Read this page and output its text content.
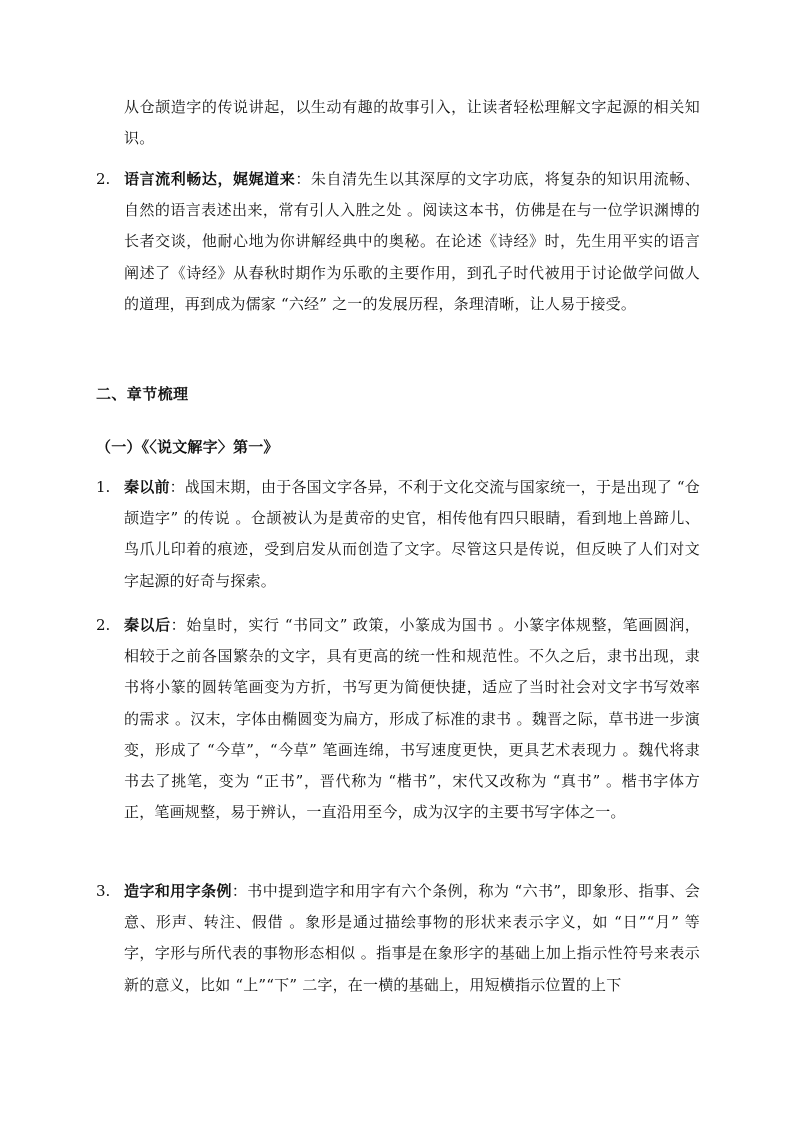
从仓颉造字的传说讲起，以生动有趣的故事引入，让读者轻松理解文字起源的相关知识。

2. 语言流利畅达，娓娓道来：朱自清先生以其深厚的文字功底，将复杂的知识用流畅、自然的语言表述出来，常有引人入胜之处 。阅读这本书，仿佛是在与一位学识渊博的长者交谈，他耐心地为你讲解经典中的奥秘。在论述《诗经》时，先生用平实的语言阐述了《诗经》从春秋时期作为乐歌的主要作用，到孔子时代被用于讨论做学问做人的道理，再到成为儒家 “六经” 之一的发展历程，条理清晰，让人易于接受。
二、章节梳理
（一）《〈说文解字〉第一》
1. 秦以前：战国末期，由于各国文字各异，不利于文化交流与国家统一，于是出现了 “仓颉造字” 的传说 。仓颉被认为是黄帝的史官，相传他有四只眼睛，看到地上兽蹄儿、鸟爪儿印着的痕迹，受到启发从而创造了文字。尽管这只是传说，但反映了人们对文字起源的好奇与探索。
2. 秦以后：始皇时，实行 “书同文” 政策，小篆成为国书 。小篆字体规整，笔画圆润，相较于之前各国繁杂的文字，具有更高的统一性和规范性。不久之后，隶书出现，隶书将小篆的圆转笔画变为方折，书写更为简便快捷，适应了当时社会对文字书写效率的需求 。汉末，字体由椭圆变为扁方，形成了标准的隶书 。魏晋之际，草书进一步演变，形成了 “今草”，“今草” 笔画连绵，书写速度更快，更具艺术表现力 。魏代将隶书去了挑笔，变为 “正书”，晋代称为 “楷书”，宋代又改称为 “真书” 。楷书字体方正，笔画规整，易于辨认，一直沿用至今，成为汉字的主要书写字体之一。
3. 造字和用字条例：书中提到造字和用字有六个条例，称为 “六书”，即象形、指事、会意、形声、转注、假借 。象形是通过描绘事物的形状来表示字义，如 “日”“月” 等字，字形与所代表的事物形态相似 。指事是在象形字的基础上加上指示性符号来表示新的意义，比如 “上”“下” 二字，在一横的基础上，用短横指示位置的上下
